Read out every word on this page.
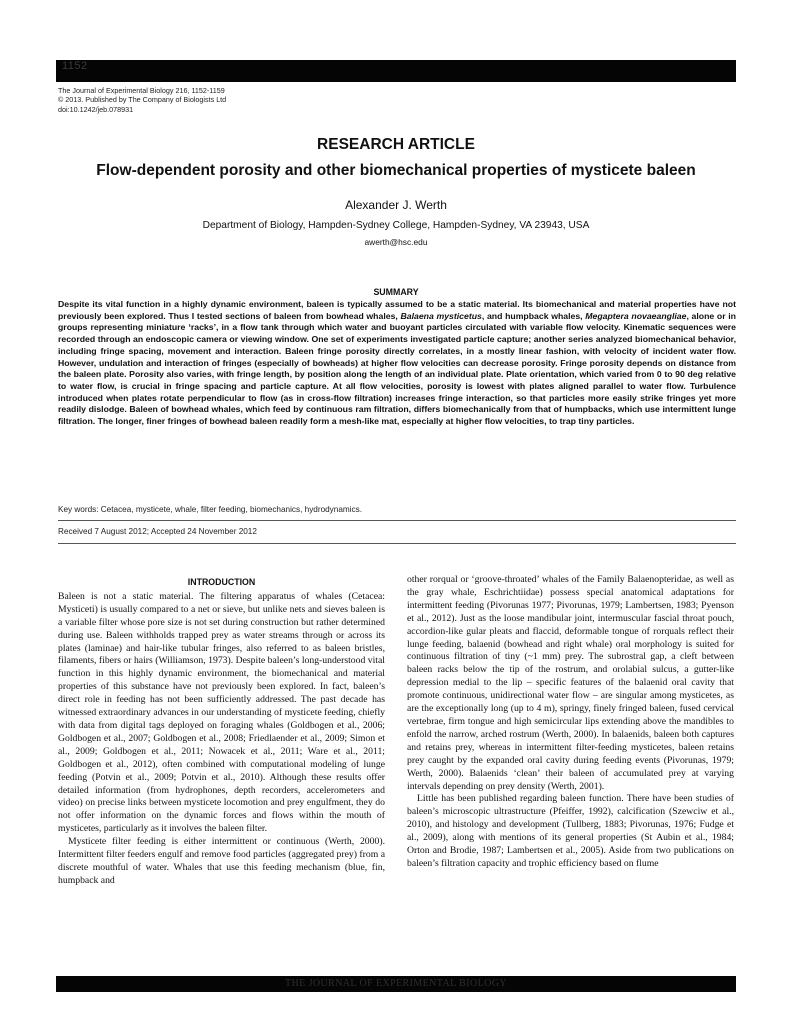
1152
The Journal of Experimental Biology 216, 1152-1159
© 2013. Published by The Company of Biologists Ltd
doi:10.1242/jeb.078931
RESEARCH ARTICLE
Flow-dependent porosity and other biomechanical properties of mysticete baleen
Alexander J. Werth
Department of Biology, Hampden-Sydney College, Hampden-Sydney, VA 23943, USA
awerth@hsc.edu
SUMMARY
Despite its vital function in a highly dynamic environment, baleen is typically assumed to be a static material. Its biomechanical and material properties have not previously been explored. Thus I tested sections of baleen from bowhead whales, Balaena mysticetus, and humpback whales, Megaptera novaeangliae, alone or in groups representing miniature ‘racks’, in a flow tank through which water and buoyant particles circulated with variable flow velocity. Kinematic sequences were recorded through an endoscopic camera or viewing window. One set of experiments investigated particle capture; another series analyzed biomechanical behavior, including fringe spacing, movement and interaction. Baleen fringe porosity directly correlates, in a mostly linear fashion, with velocity of incident water flow. However, undulation and interaction of fringes (especially of bowheads) at higher flow velocities can decrease porosity. Fringe porosity depends on distance from the baleen plate. Porosity also varies, with fringe length, by position along the length of an individual plate. Plate orientation, which varied from 0 to 90 deg relative to water flow, is crucial in fringe spacing and particle capture. At all flow velocities, porosity is lowest with plates aligned parallel to water flow. Turbulence introduced when plates rotate perpendicular to flow (as in cross-flow filtration) increases fringe interaction, so that particles more easily strike fringes yet more readily dislodge. Baleen of bowhead whales, which feed by continuous ram filtration, differs biomechanically from that of humpbacks, which use intermittent lunge filtration. The longer, finer fringes of bowhead baleen readily form a mesh-like mat, especially at higher flow velocities, to trap tiny particles.
Key words: Cetacea, mysticete, whale, filter feeding, biomechanics, hydrodynamics.
Received 7 August 2012; Accepted 24 November 2012
INTRODUCTION

Baleen is not a static material. The filtering apparatus of whales (Cetacea: Mysticeti) is usually compared to a net or sieve, but unlike nets and sieves baleen is a variable filter whose pore size is not set during construction but rather determined during use. Baleen withholds trapped prey as water streams through or across its plates (laminae) and hair-like tubular fringes, also referred to as baleen bristles, filaments, fibers or hairs (Williamson, 1973). Despite baleen’s long-understood vital function in this highly dynamic environment, the biomechanical and material properties of this substance have not previously been explored. In fact, baleen’s direct role in feeding has not been sufficiently addressed. The past decade has witnessed extraordinary advances in our understanding of mysticete feeding, chiefly with data from digital tags deployed on foraging whales (Goldbogen et al., 2006; Goldbogen et al., 2007; Goldbogen et al., 2008; Friedlaender et al., 2009; Simon et al., 2009; Goldbogen et al., 2011; Nowacek et al., 2011; Ware et al., 2011; Goldbogen et al., 2012), often combined with computational modeling of lunge feeding (Potvin et al., 2009; Potvin et al., 2010). Although these results offer detailed information (from hydrophones, depth recorders, accelerometers and video) on precise links between mysticete locomotion and prey engulfment, they do not offer information on the dynamic forces and flows within the mouth of mysticetes, particularly as it involves the baleen filter.

Mysticete filter feeding is either intermittent or continuous (Werth, 2000). Intermittent filter feeders engulf and remove food particles (aggregated prey) from a discrete mouthful of water. Whales that use this feeding mechanism (blue, fin, humpback and

other rorqual or ‘groove-throated’ whales of the Family Balaenopteridae, as well as the gray whale, Eschrichtiidae) possess special anatomical adaptations for intermittent feeding (Pivorunas 1977; Pivorunas, 1979; Lambertsen, 1983; Pyenson et al., 2012). Just as the loose mandibular joint, intermuscular fascial throat pouch, accordion-like gular pleats and flaccid, deformable tongue of rorquals reflect their lunge feeding, balaenid (bowhead and right whale) oral morphology is suited for continuous filtration of tiny (~1 mm) prey. The subrostral gap, a cleft between baleen racks below the tip of the rostrum, and orolabial sulcus, a gutter-like depression medial to the lip – specific features of the balaenid oral cavity that promote continuous, unidirectional water flow – are singular among mysticetes, as are the exceptionally long (up to 4 m), springy, finely fringed baleen, fused cervical vertebrae, firm tongue and high semicircular lips extending above the mandibles to enfold the narrow, arched rostrum (Werth, 2000). In balaenids, baleen both captures and retains prey, whereas in intermittent filter-feeding mysticetes, baleen retains prey caught by the expanded oral cavity during feeding events (Pivorunas, 1979; Werth, 2000). Balaenids ‘clean’ their baleen of accumulated prey at varying intervals depending on prey density (Werth, 2001).

Little has been published regarding baleen function. There have been studies of baleen’s microscopic ultrastructure (Pfeiffer, 1992), calcification (Szewciw et al., 2010), and histology and development (Tullberg, 1883; Pivorunas, 1976; Fudge et al., 2009), along with mentions of its general properties (St Aubin et al., 1984; Orton and Brodie, 1987; Lambertsen et al., 2005). Aside from two publications on baleen’s filtration capacity and trophic efficiency based on flume

THE JOURNAL OF EXPERIMENTAL BIOLOGY
